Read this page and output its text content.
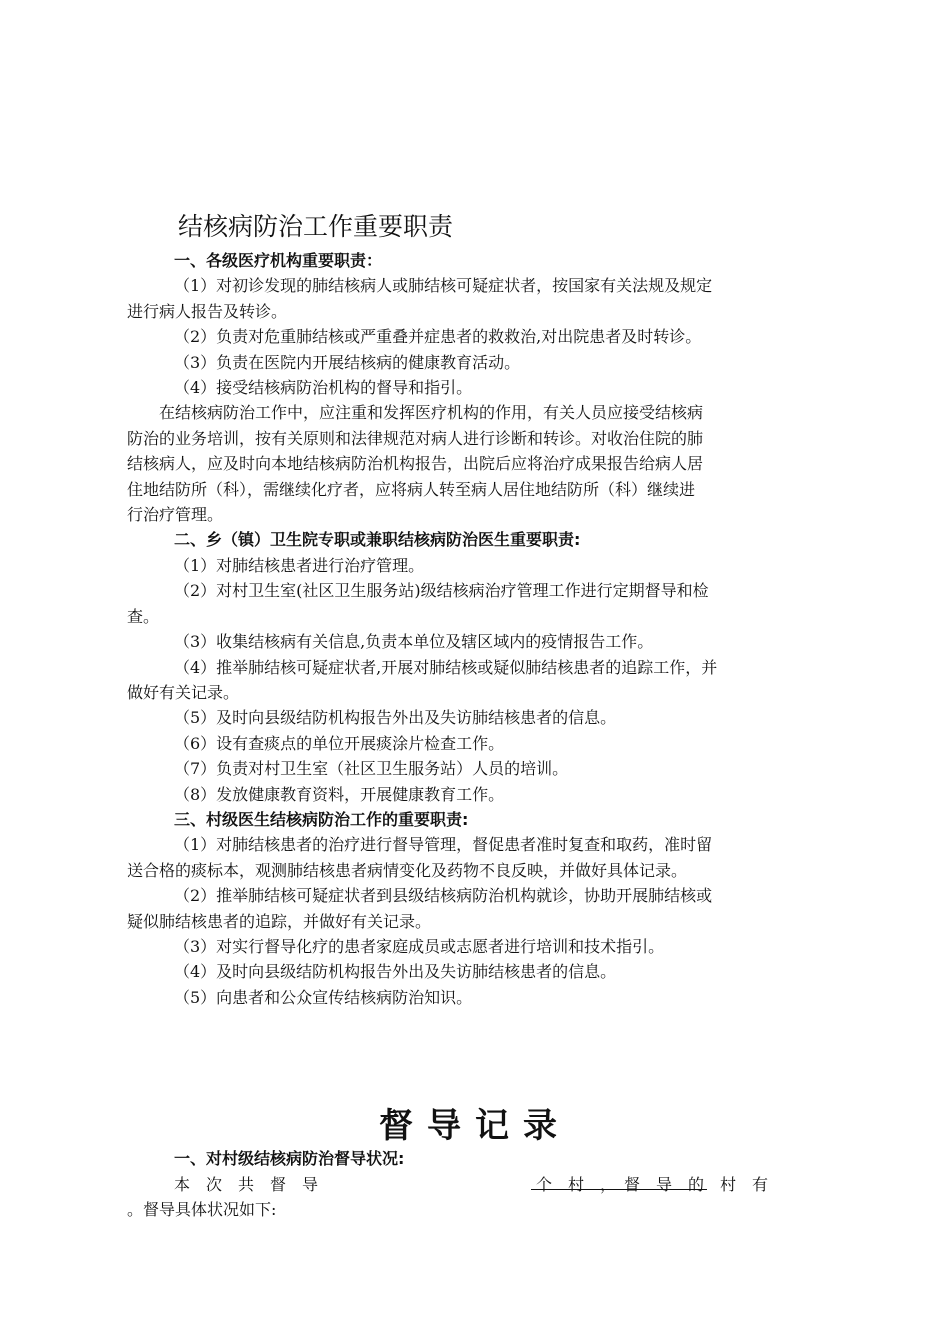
结核病防治工作重要职责

一、各级医疗机构重要职责：

（1）对初诊发现的肺结核病人或肺结核可疑症状者，按国家有关法规及规定

进行病人报告及转诊。

（2）负责对危重肺结核或严重叠并症患者的救救治,对出院患者及时转诊。

（3）负责在医院内开展结核病的健康教育活动。

（4）接受结核病防治机构的督导和指引。

在结核病防治工作中，应注重和发挥医疗机构的作用，有关人员应接受结核病

防治的业务培训，按有关原则和法律规范对病人进行诊断和转诊。对收治住院的肺

结核病人，应及时向本地结核病防治机构报告，出院后应将治疗成果报告给病人居

住地结防所（科），需继续化疗者，应将病人转至病人居住地结防所（科）继续进

行治疗管理。

二、乡（镇）卫生院专职或兼职结核病防治医生重要职责:

（1）对肺结核患者进行治疗管理。

（2）对村卫生室(社区卫生服务站)级结核病治疗管理工作进行定期督导和检

查。

（3）收集结核病有关信息,负责本单位及辖区域内的疫情报告工作。

（4）推举肺结核可疑症状者,开展对肺结核或疑似肺结核患者的追踪工作，并

做好有关记录。

（5）及时向县级结防机构报告外出及失访肺结核患者的信息。

（6）设有查痰点的单位开展痰涂片检查工作。

（7）负责对村卫生室（社区卫生服务站）人员的培训。

（8）发放健康教育资料，开展健康教育工作。

三、村级医生结核病防治工作的重要职责:

（1）对肺结核患者的治疗进行督导管理，督促患者准时复查和取药，准时留

送合格的痰标本，观测肺结核患者病情变化及药物不良反映，并做好具体记录。

（2）推举肺结核可疑症状者到县级结核病防治机构就诊，协助开展肺结核或

疑似肺结核患者的追踪，并做好有关记录。

（3）对实行督导化疗的患者家庭成员或志愿者进行培训和技术指引。

（4）及时向县级结防机构报告外出及失访肺结核患者的信息。

（5）向患者和公众宣传结核病防治知识。

督导记录
一、对村级结核病防治督导状况:
本　次　共　督　导	个　村　，　督　导　的　村　有
。督导具体状况如下:
